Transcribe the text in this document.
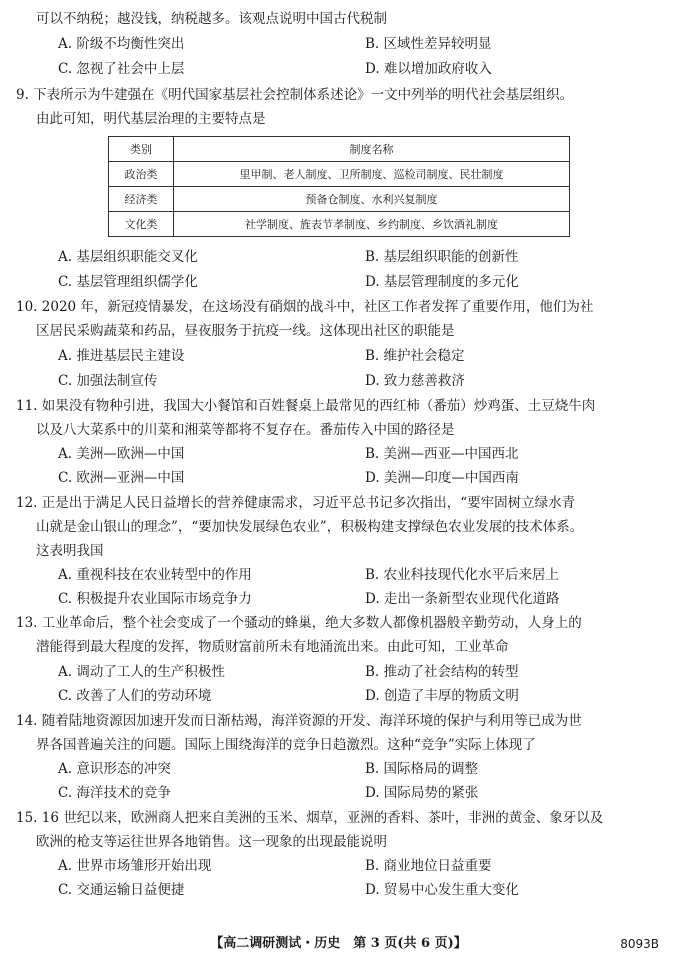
可以不纳税；越没钱，纳税越多。该观点说明中国古代税制
A. 阶级不均衡性突出	B. 区域性差异较明显
C. 忽视了社会中上层	D. 难以增加政府收入
9. 下表所示为牛建强在《明代国家基层社会控制体系述论》一文中列举的明代社会基层组织。
由此可知，明代基层治理的主要特点是
类别	制度名称
政治类	里甲制、老人制度、卫所制度、巡检司制度、民壮制度
经济类	预备仓制度、水利兴复制度
文化类	社学制度、旌表节孝制度、乡约制度、乡饮酒礼制度
A. 基层组织职能交叉化	B. 基层组织职能的创新性
C. 基层管理组织儒学化	D. 基层管理制度的多元化
10. 2020 年，新冠疫情暴发，在这场没有硝烟的战斗中，社区工作者发挥了重要作用，他们为社
区居民采购蔬菜和药品，昼夜服务于抗疫一线。这体现出社区的职能是
A. 推进基层民主建设	B. 维护社会稳定
C. 加强法制宣传	D. 致力慈善救济
11. 如果没有物种引进，我国大小餐馆和百姓餐桌上最常见的西红柿（番茄）炒鸡蛋、土豆烧牛肉
以及八大菜系中的川菜和湘菜等都将不复存在。番茄传入中国的路径是
A. 美洲—欧洲—中国	B. 美洲—西亚—中国西北
C. 欧洲—亚洲—中国	D. 美洲—印度—中国西南
12. 正是出于满足人民日益增长的营养健康需求，习近平总书记多次指出，“要牢固树立绿水青
山就是金山银山的理念”，“要加快发展绿色农业”，积极构建支撑绿色农业发展的技术体系。
这表明我国
A. 重视科技在农业转型中的作用	B. 农业科技现代化水平后来居上
C. 积极提升农业国际市场竞争力	D. 走出一条新型农业现代化道路
13. 工业革命后，整个社会变成了一个骚动的蜂巢，绝大多数人都像机器般辛勤劳动，人身上的
潜能得到最大程度的发挥，物质财富前所未有地涌流出来。由此可知，工业革命
A. 调动了工人的生产积极性	B. 推动了社会结构的转型
C. 改善了人们的劳动环境	D. 创造了丰厚的物质文明
14. 随着陆地资源因加速开发而日渐枯竭，海洋资源的开发、海洋环境的保护与利用等已成为世
界各国普遍关注的问题。国际上围绕海洋的竞争日趋激烈。这种“竞争”实际上体现了
A. 意识形态的冲突	B. 国际格局的调整
C. 海洋技术的竞争	D. 国际局势的紧张
15. 16 世纪以来，欧洲商人把来自美洲的玉米、烟草，亚洲的香料、茶叶，非洲的黄金、象牙以及
欧洲的枪支等运往世界各地销售。这一现象的出现最能说明
A. 世界市场雏形开始出现	B. 商业地位日益重要
C. 交通运输日益便捷	D. 贸易中心发生重大变化
【高二调研测试・历史　第 3 页(共 6 页)】	8093B
